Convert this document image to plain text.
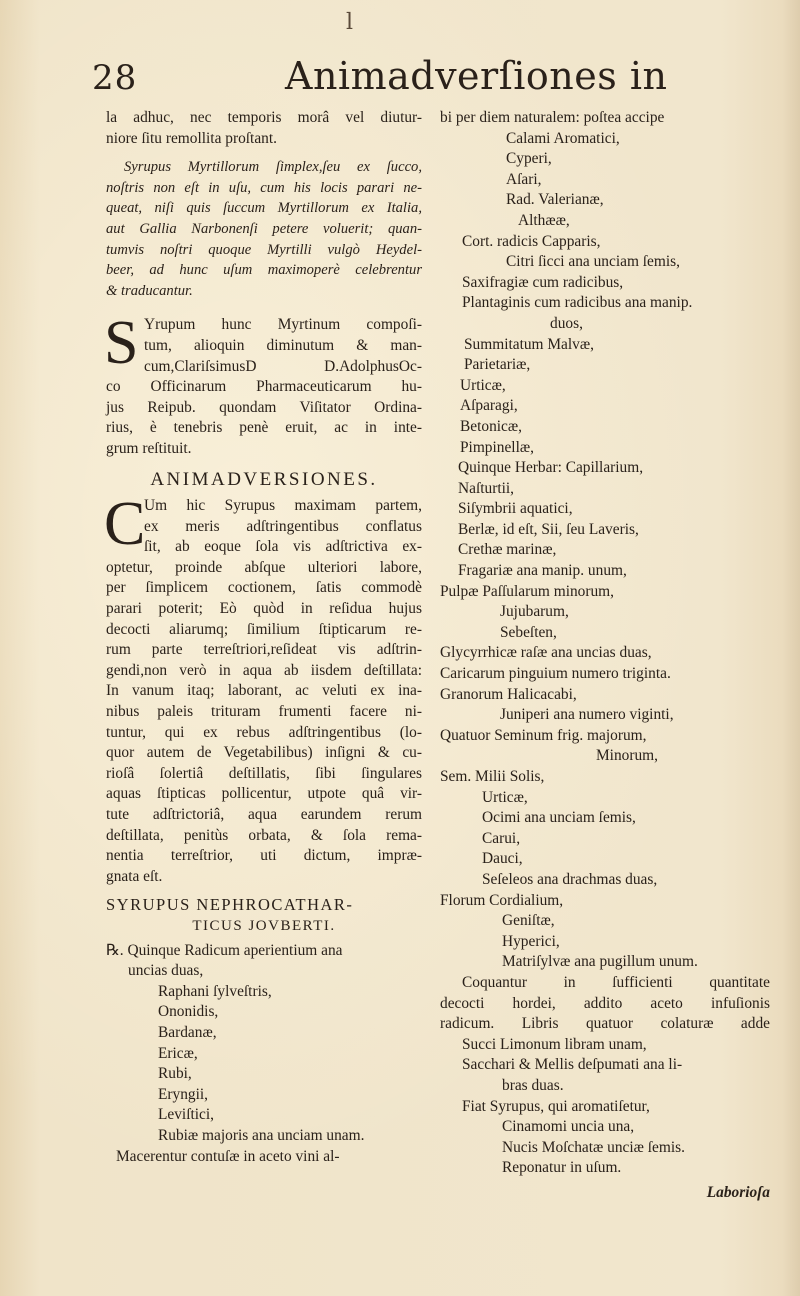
l
28	Animadverſiones in
la adhuc, nec temporis morâ vel diutur-
niore ſitu remollita proſtant.
Syrupus Myrtillorum ſimplex,ſeu ex ſucco,
noſtris non eſt in uſu, cum his locis parari ne-
queat, niſi quis ſuccum Myrtillorum ex Italia,
aut Gallia Narbonenſi petere voluerit; quan-
tumvis noſtri quoque Myrtilli vulgò Heydel-
beer, ad hunc uſum maximoperè celebrentur
& traducantur.
S Yrupum hunc Myrtinum compoſi-
tum, alioquin diminutum & man-
cum,ClariſsimusD D.AdolphusOc-
co Officinarum Pharmaceuticarum hu-
jus Reipub. quondam Viſitator Ordina-
rius, è tenebris penè eruit, ac in inte-
grum reſtituit.
ANIMADVERSIONES.
C
Um hic Syrupus maximam partem,
ex meris adſtringentibus conflatus
ſit, ab eoque ſola vis adſtrictiva ex-
optetur, proinde abſque ulteriori labore,
per ſimplicem coctionem, ſatis commodè
parari poterit; Eò quòd in reſidua hujus
decocti aliarumq; ſimilium ſtipticarum re-
rum parte terreſtriori,reſideat vis adſtrin-
gendi,non verò in aqua ab iisdem deſtillata:
In vanum itaq; laborant, ac veluti ex ina-
nibus paleis trituram frumenti facere ni-
tuntur, qui ex rebus adſtringentibus (lo-
quor autem de Vegetabilibus) inſigni & cu-
rioſâ ſolertiâ deſtillatis, ſibi ſingulares
aquas ſtipticas pollicentur, utpote quâ vir-
tute adſtrictoriâ, aqua earundem rerum
deſtillata, penitùs orbata, & ſola rema-
nentia terreſtrior, uti dictum, impræ-
gnata eſt.
SYRUPUS NEPHROCATHAR-
TICUS JOVBERTI.
℞. Quinque Radicum aperientium ana
uncias duas,
Raphani ſylveſtris,
Ononidis,
Bardanæ,
Ericæ,
Rubi,
Eryngii,
Leviſtici,
Rubiæ majoris ana unciam unam.
Macerentur contuſæ in aceto vini al-
bi per diem naturalem: poſtea accipe
Calami Aromatici,
Cyperi,
Aſari,
Rad. Valerianæ,
Althææ,
Cort. radicis Capparis,
Citri ſicci ana unciam ſemis,
Saxifragiæ cum radicibus,
Plantaginis cum radicibus ana manip.
duos,
Summitatum Malvæ,
Parietariæ,
Urticæ,
Aſparagi,
Betonicæ,
Pimpinellæ,
Quinque Herbar: Capillarium,
Naſturtii,
Siſymbrii aquatici,
Berlæ, id eſt, Sii, ſeu Laveris,
Crethæ marinæ,
Fragariæ ana manip. unum,
Pulpæ Paſſularum minorum,
Jujubarum,
Sebeſten,
Glycyrrhicæ raſæ ana uncias duas,
Caricarum pinguium numero triginta.
Granorum Halicacabi,
Juniperi ana numero viginti,
Quatuor Seminum frig. majorum,
Minorum,
Sem. Milii Solis,
Urticæ,
Ocimi ana unciam ſemis,
Carui,
Dauci,
Seſeleos ana drachmas duas,
Florum Cordialium,
Geniſtæ,
Hyperici,
Matriſylvæ ana pugillum unum.
Coquantur in ſufficienti quantitate
decocti hordei, addito aceto infuſionis
radicum. Libris quatuor colaturæ adde
Succi Limonum libram unam,
Sacchari & Mellis deſpumati ana li-
bras duas.
Fiat Syrupus, qui aromatiſetur,
Cinamomi uncia una,
Nucis Moſchatæ unciæ ſemis.
Reponatur in uſum.
Laborioſa
